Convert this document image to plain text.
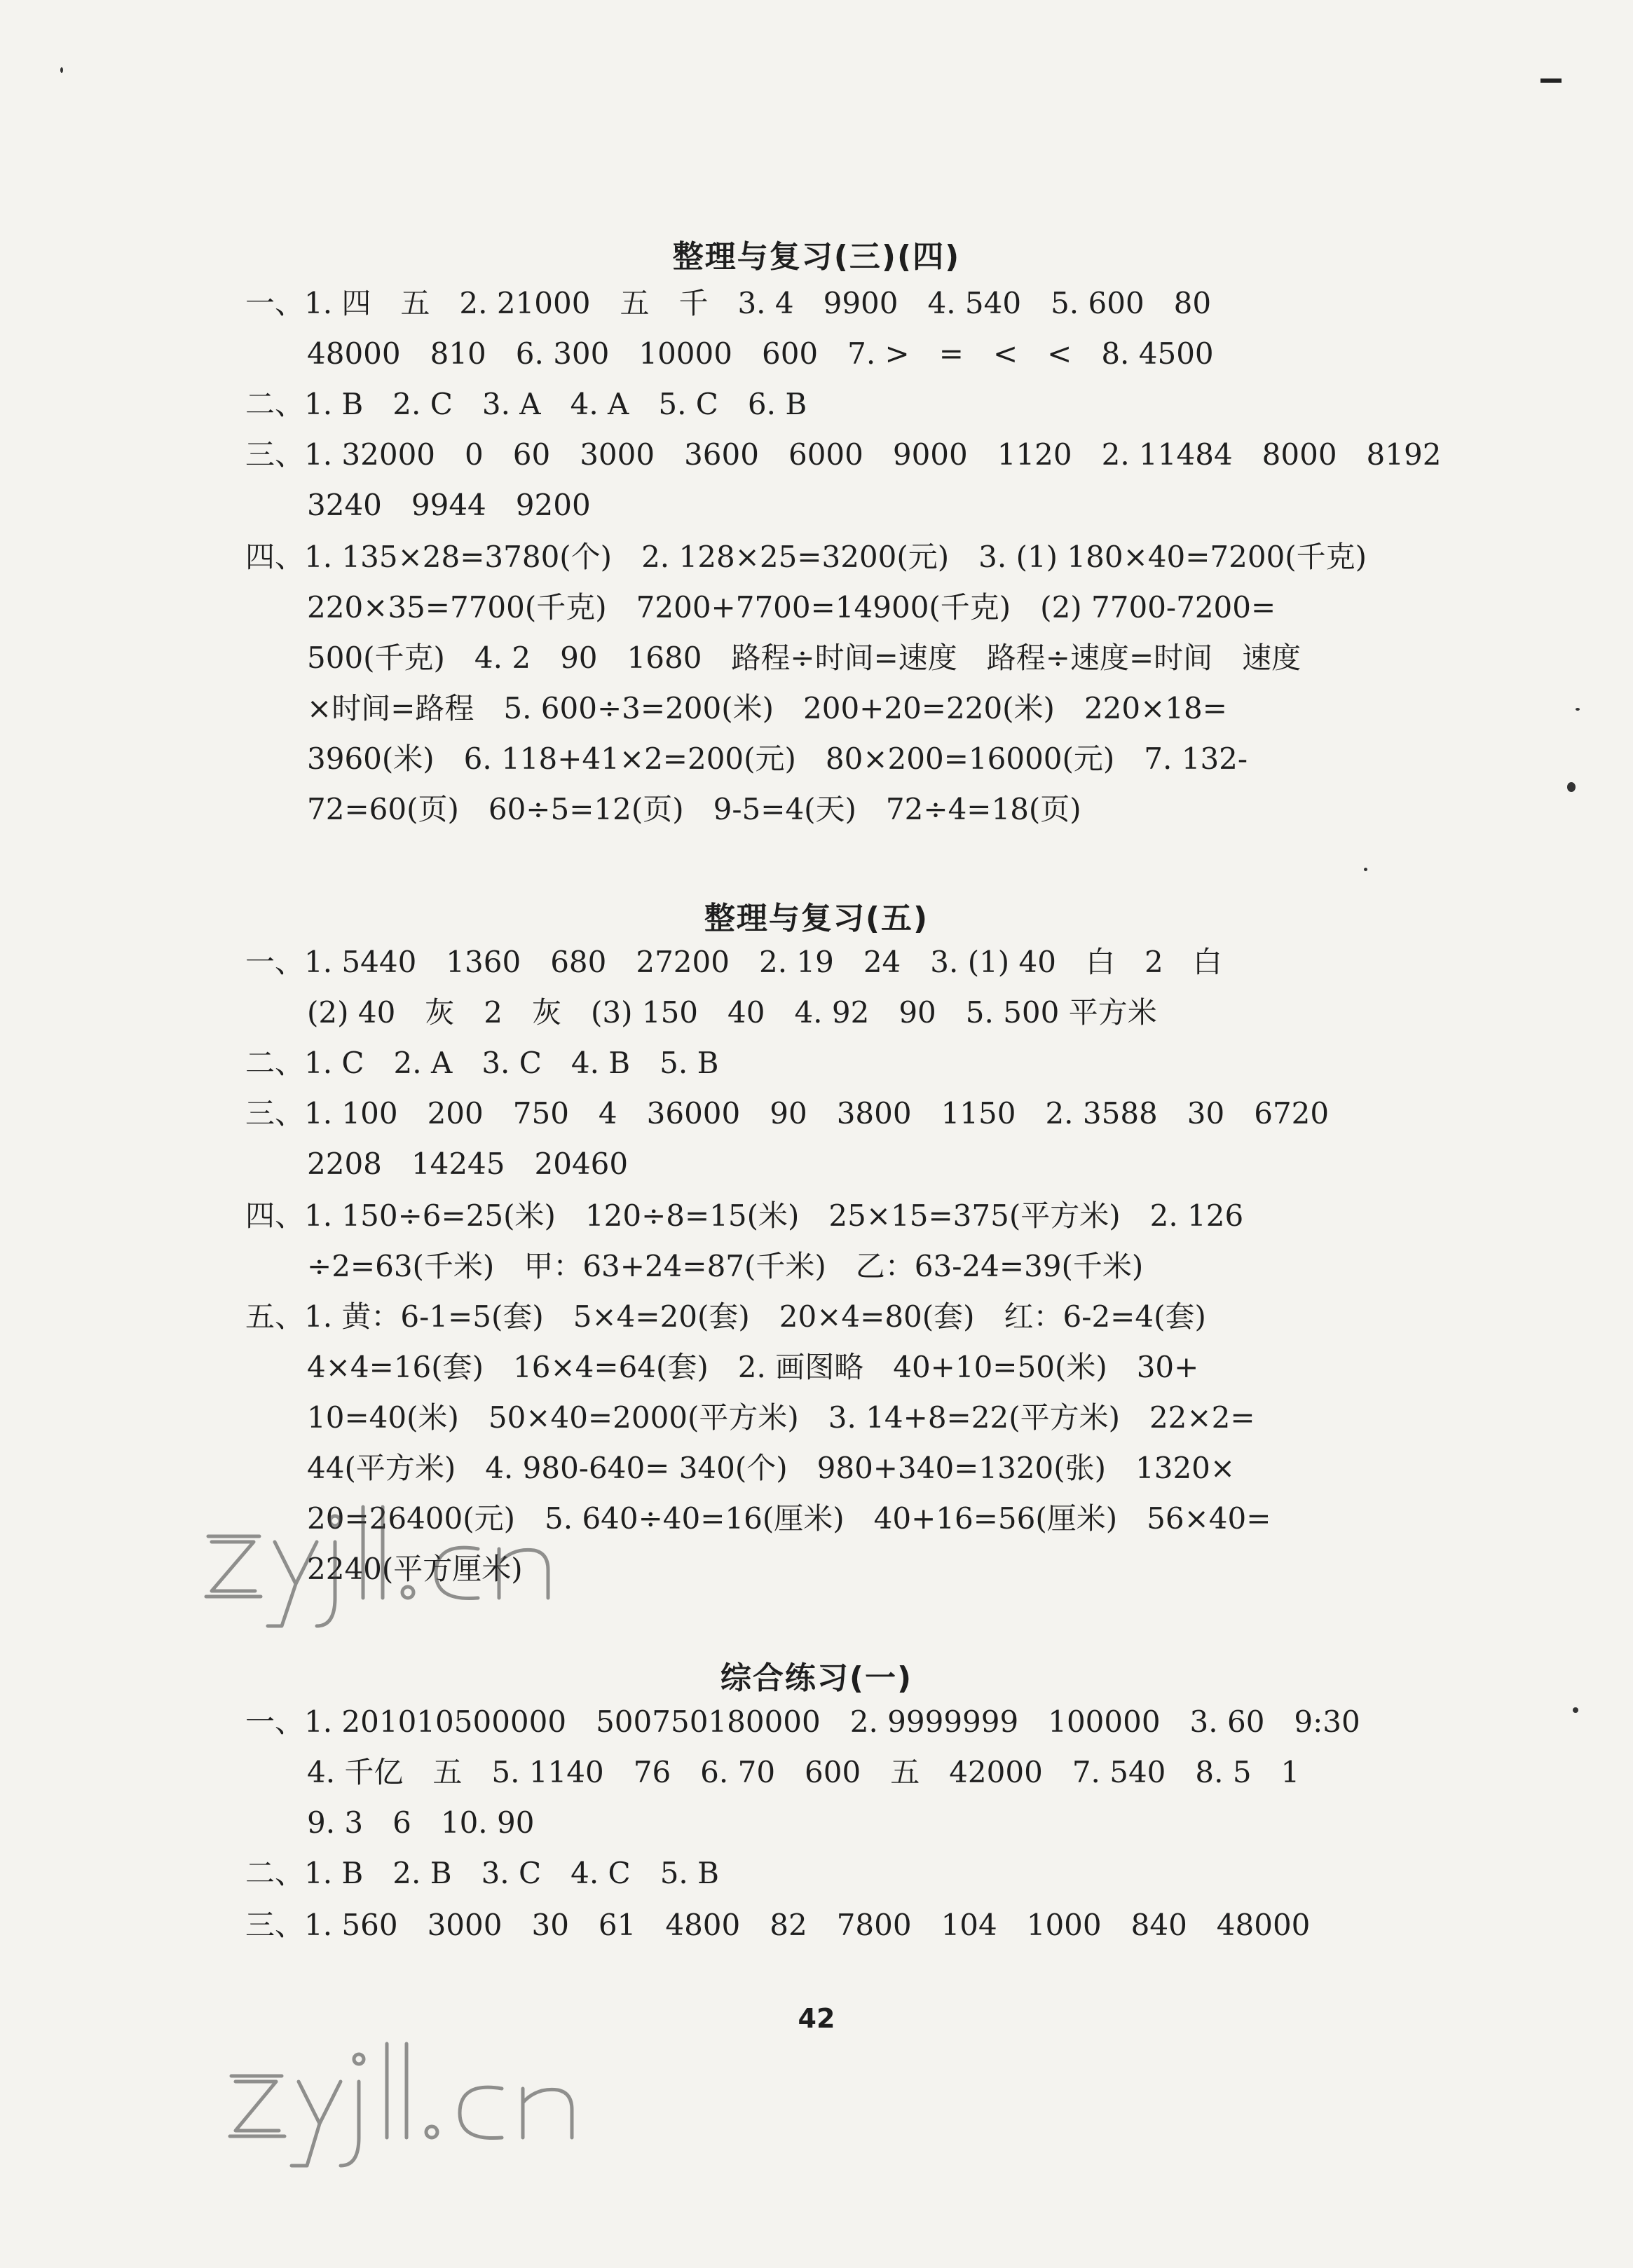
整理与复习(三)(四)
一、1. 四　五　2. 21000　五　千　3. 4　9900　4. 540　5. 600　80
48000　810　6. 300　10000　600　7. >　=　<　<　8. 4500
二、1. B　2. C　3. A　4. A　5. C　6. B
三、1. 32000　0　60　3000　3600　6000　9000　1120　2. 11484　8000　8192
3240　9944　9200
四、1. 135×28=3780(个)　2. 128×25=3200(元)　3. (1) 180×40=7200(千克)
220×35=7700(千克)　7200+7700=14900(千克)　(2) 7700-7200=
500(千克)　4. 2　90　1680　路程÷时间=速度　路程÷速度=时间　速度
×时间=路程　5. 600÷3=200(米)　200+20=220(米)　220×18=
3960(米)　6. 118+41×2=200(元)　80×200=16000(元)　7. 132-
72=60(页)　60÷5=12(页)　9-5=4(天)　72÷4=18(页)
整理与复习(五)
一、1. 5440　1360　680　27200　2. 19　24　3. (1) 40　白　2　白
(2) 40　灰　2　灰　(3) 150　40　4. 92　90　5. 500 平方米
二、1. C　2. A　3. C　4. B　5. B
三、1. 100　200　750　4　36000　90　3800　1150　2. 3588　30　6720
2208　14245　20460
四、1. 150÷6=25(米)　120÷8=15(米)　25×15=375(平方米)　2. 126
÷2=63(千米)　甲：63+24=87(千米)　乙：63-24=39(千米)
五、1. 黄：6-1=5(套)　5×4=20(套)　20×4=80(套)　红：6-2=4(套)
4×4=16(套)　16×4=64(套)　2. 画图略　40+10=50(米)　30+
10=40(米)　50×40=2000(平方米)　3. 14+8=22(平方米)　22×2=
44(平方米)　4. 980-640= 340(个)　980+340=1320(张)　1320×
20=26400(元)　5. 640÷40=16(厘米)　40+16=56(厘米)　56×40=
2240(平方厘米)
综合练习(一)
一、1. 201010500000　500750180000　2. 9999999　100000　3. 60　9:30
4. 千亿　五　5. 1140　76　6. 70　600　五　42000　7. 540　8. 5　1
9. 3　6　10. 90
二、1. B　2. B　3. C　4. C　5. B
三、1. 560　3000　30　61　4800　82　7800　104　1000　840　48000
42
